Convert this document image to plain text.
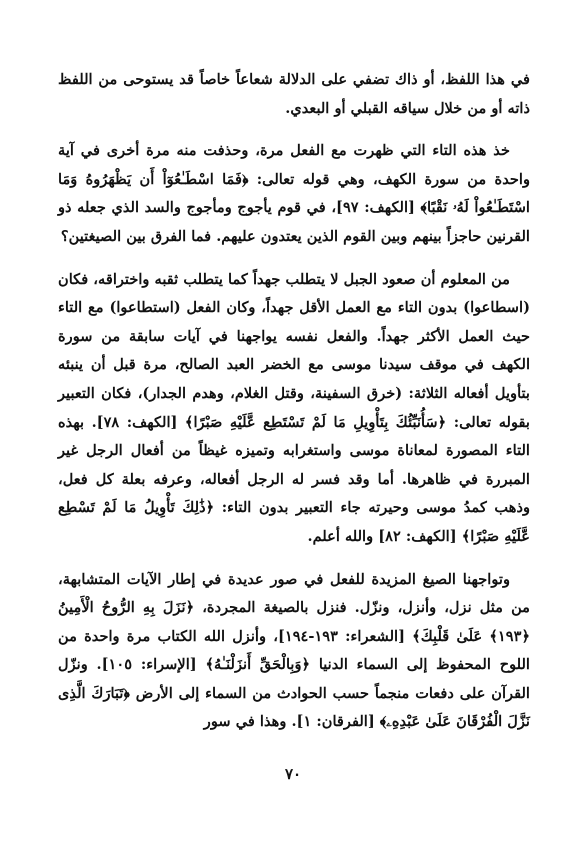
في هذا اللفظ، أو ذاك تضفي على الدلالة شعاعاً خاصاً قد يستوحى من اللفظ ذاته أو من خلال سياقه القبلي أو البعدي.

خذ هذه التاء التي ظهرت مع الفعل مرة، وحذفت منه مرة أخرى في آية واحدة من سورة الكهف، وهي قوله تعالى: ﴿فَمَا اسْطَـٰعُوٓاْ أَن يَظْهَرُوهُ وَمَا اسْتَطَـٰعُواْ لَهُۥ نَقْبًا﴾ [الكهف: ٩٧]، في قوم يأجوج ومأجوج والسد الذي جعله ذو القرنين حاجزاً بينهم وبين القوم الذين يعتدون عليهم. فما الفرق بين الصيغتين؟

من المعلوم أن صعود الجبل لا يتطلب جهداً كما يتطلب ثقبه واختراقه، فكان (اسطاعوا) بدون التاء مع العمل الأقل جهداً، وكان الفعل (استطاعوا) مع التاء حيث العمل الأكثر جهداً. والفعل نفسه يواجهنا في آيات سابقة من سورة الكهف في موقف سيدنا موسى مع الخضر العبد الصالح، مرة قبل أن ينبئه بتأويل أفعاله الثلاثة: (خرق السفينة، وقتل الغلام، وهدم الجدار)، فكان التعبير بقوله تعالى: ﴿سَأُنَبِّئُكَ بِتَأْوِيلِ مَا لَمْ تَسْتَطِع عَّلَيْهِ صَبْرًا﴾ [الكهف: ٧٨]. بهذه التاء المصورة لمعاناة موسى واستغرابه وتميزه غيظاً من أفعال الرجل غير المبررة في ظاهرها. أما وقد فسر له الرجل أفعاله، وعرفه بعلة كل فعل، وذهب كمدُ موسى وحيرته جاء التعبير بدون التاء: ﴿ذَٰلِكَ تَأْوِيلُ مَا لَمْ تَسْطِع عَّلَيْهِ صَبْرًا﴾ [الكهف: ٨٢] والله أعلم.

وتواجهنا الصيغ المزيدة للفعل في صور عديدة في إطار الآيات المتشابهة، من مثل نزل، وأنزل، ونزّل. فنزل بالصيغة المجردة، ﴿نَزَلَ بِهِ الرُّوحُ الْأَمِينُ ﴿١٩٣﴾ عَلَىٰ قَلْبِكَ﴾ [الشعراء: ١٩٣-١٩٤]، وأنزل الله الكتاب مرة واحدة من اللوح المحفوظ إلى السماء الدنيا ﴿وَبِالْحَقِّ أَنزَلْنَـٰهُ﴾ [الإسراء: ١٠٥]. ونزّل القرآن على دفعات منجماً حسب الحوادث من السماء إلى الأرض ﴿تَبَارَكَ الَّذِى نَزَّلَ الْفُرْقَانَ عَلَىٰ عَبْدِهِۦ﴾ [الفرقان: ١]. وهذا في سور

٧٠
